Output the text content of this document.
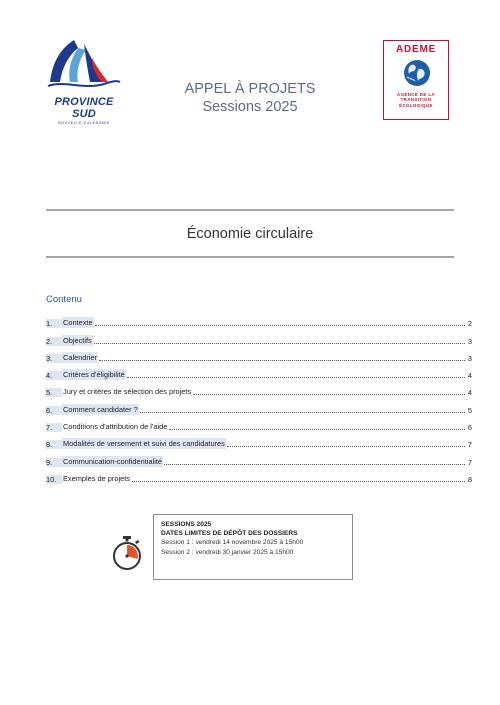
PROVINCE SUD
NOUVELLE-CALÉDONIE
APPEL À PROJETS
Sessions 2025
ADEME
AGENCE DE LA
TRANSITION
ÉCOLOGIQUE
Économie circulaire
Contenu
1.	Contexte	2
2.	Objectifs	3
3.	Calendrier	3
4.	Critères d'éligibilité	4
5.	Jury et critères de sélection des projets	4
6.	Comment candidater ?	5
7.	Conditions d'attribution de l'aide	6
8.	Modalités de versement et suivi des candidatures	7
9.	Communication-confidentialité	7
10. Exemples de projets	8
SESSIONS 2025
DATES LIMITES DE DÉPÔT DES DOSSIERS
Session 1 : vendredi 14 novembre 2025 à 15h00
Session 2 : vendredi 30 janvier 2025 à 15h00
